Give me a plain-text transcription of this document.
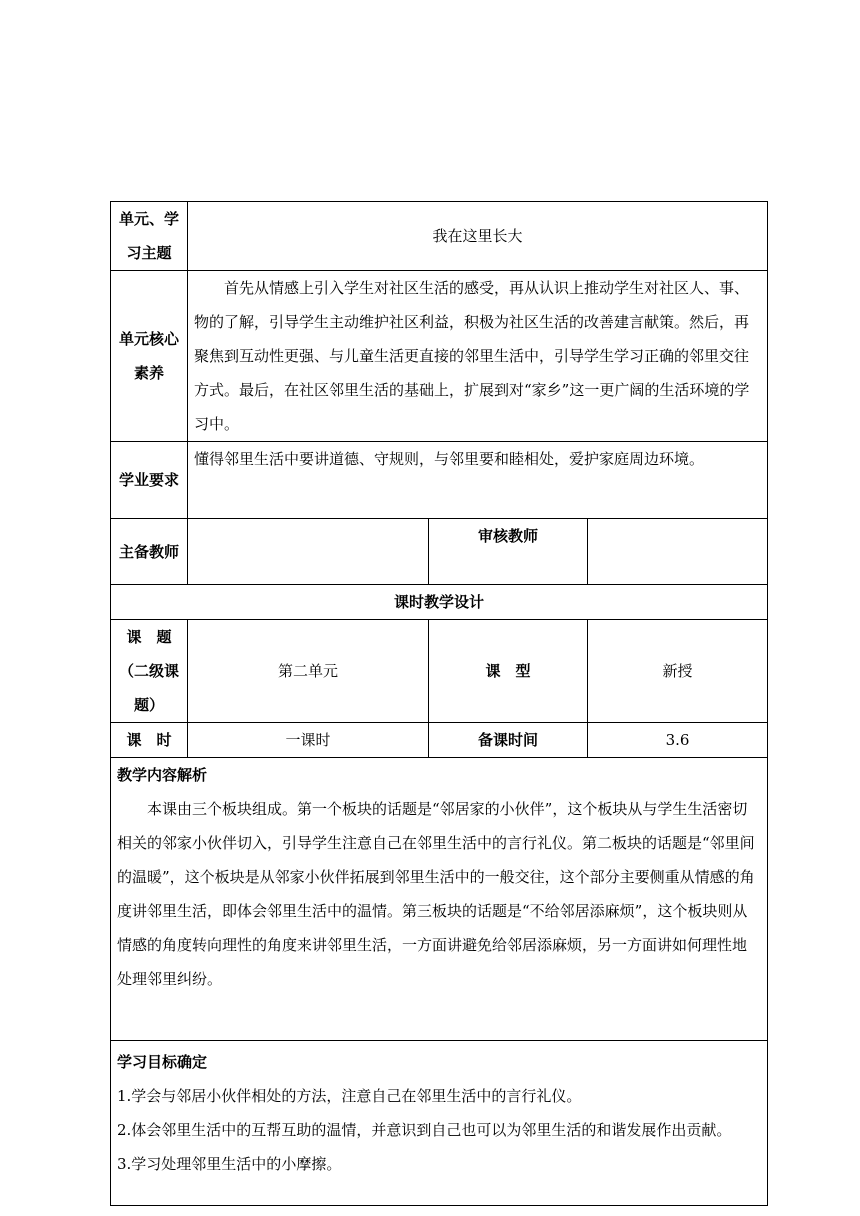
单元、学习主题	我在这里长大		
单元核心素养	首先从情感上引入学生对社区生活的感受，再从认识上推动学生对社区人、事、物的了解，引导学生主动维护社区利益，积极为社区生活的改善建言献策。然后，再聚焦到互动性更强、与儿童生活更直接的邻里生活中，引导学生学习正确的邻里交往方式。最后，在社区邻里生活的基础上，扩展到对“家乡”这一更广阔的生活环境的学习中。		

学业要求	懂得邻里生活中要讲道德、守规则，与邻里要和睦相处，爱护家庭周边环境。		
主备教师		审核教师	
课时教学设计			
课　题（二级课题）	第二单元	课　型	新授
课　时	一课时	备课时间	3.6

教学内容解析

本课由三个板块组成。第一个板块的话题是“邻居家的小伙伴”，这个板块从与学生生活密切相关的邻家小伙伴切入，引导学生注意自己在邻里生活中的言行礼仪。第二板块的话题是“邻里间的温暖”，这个板块是从邻家小伙伴拓展到邻里生活中的一般交往，这个部分主要侧重从情感的角度讲邻里生活，即体会邻里生活中的温情。第三板块的话题是“不给邻居添麻烦”，这个板块则从情感的角度转向理性的角度来讲邻里生活，一方面讲避免给邻居添麻烦，另一方面讲如何理性地处理邻里纠纷。			

学习目标确定

1.学会与邻居小伙伴相处的方法，注意自己在邻里生活中的言行礼仪。

2.体会邻里生活中的互帮互助的温情，并意识到自己也可以为邻里生活的和谐发展作出贡献。

3.学习处理邻里生活中的小摩擦。			
